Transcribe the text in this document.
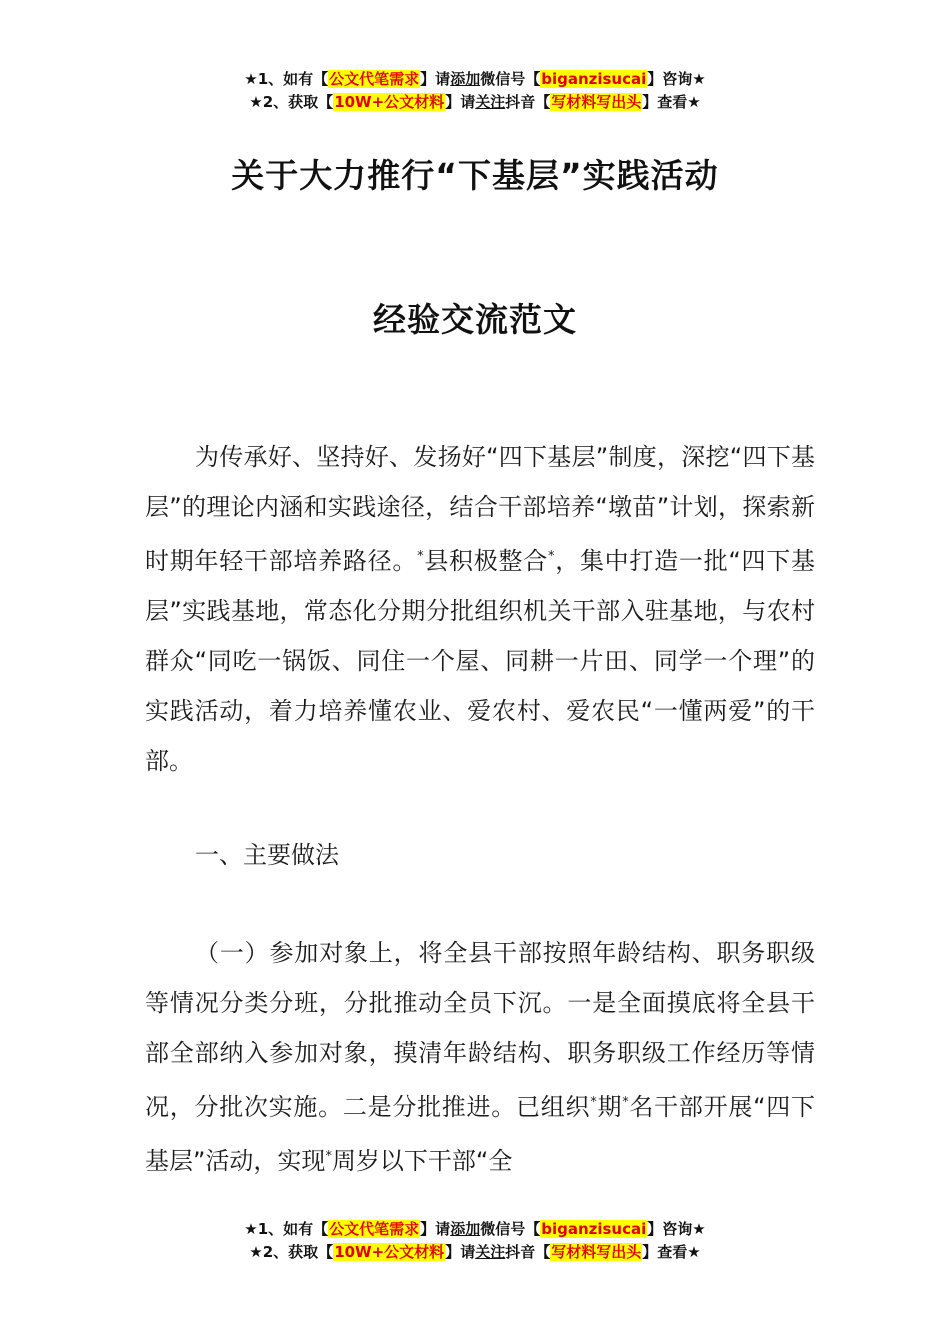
★1、如有【公文代笔需求】请添加微信号【biganzisucai】咨询★
★2、获取【10W+公文材料】请关注抖音【写材料写出头】查看★
关于大力推行“下基层”实践活动
经验交流范文
为传承好、坚持好、发扬好“四下基层”制度，深挖“四下基层”的理论内涵和实践途径，结合干部培养“墩苗”计划，探索新时期年轻干部培养路径。*县积极整合*，集中打造一批“四下基层”实践基地，常态化分期分批组织机关干部入驻基地，与农村群众“同吃一锅饭、同住一个屋、同耕一片田、同学一个理”的实践活动，着力培养懂农业、爱农村、爱农民“一懂两爱”的干部。
一、主要做法
（一）参加对象上，将全县干部按照年龄结构、职务职级等情况分类分班，分批推动全员下沉。一是全面摸底将全县干部全部纳入参加对象，摸清年龄结构、职务职级工作经历等情况，分批次实施。二是分批推进。已组织*期*名干部开展“四下基层”活动，实现*周岁以下干部“全
★1、如有【公文代笔需求】请添加微信号【biganzisucai】咨询★
★2、获取【10W+公文材料】请关注抖音【写材料写出头】查看★
